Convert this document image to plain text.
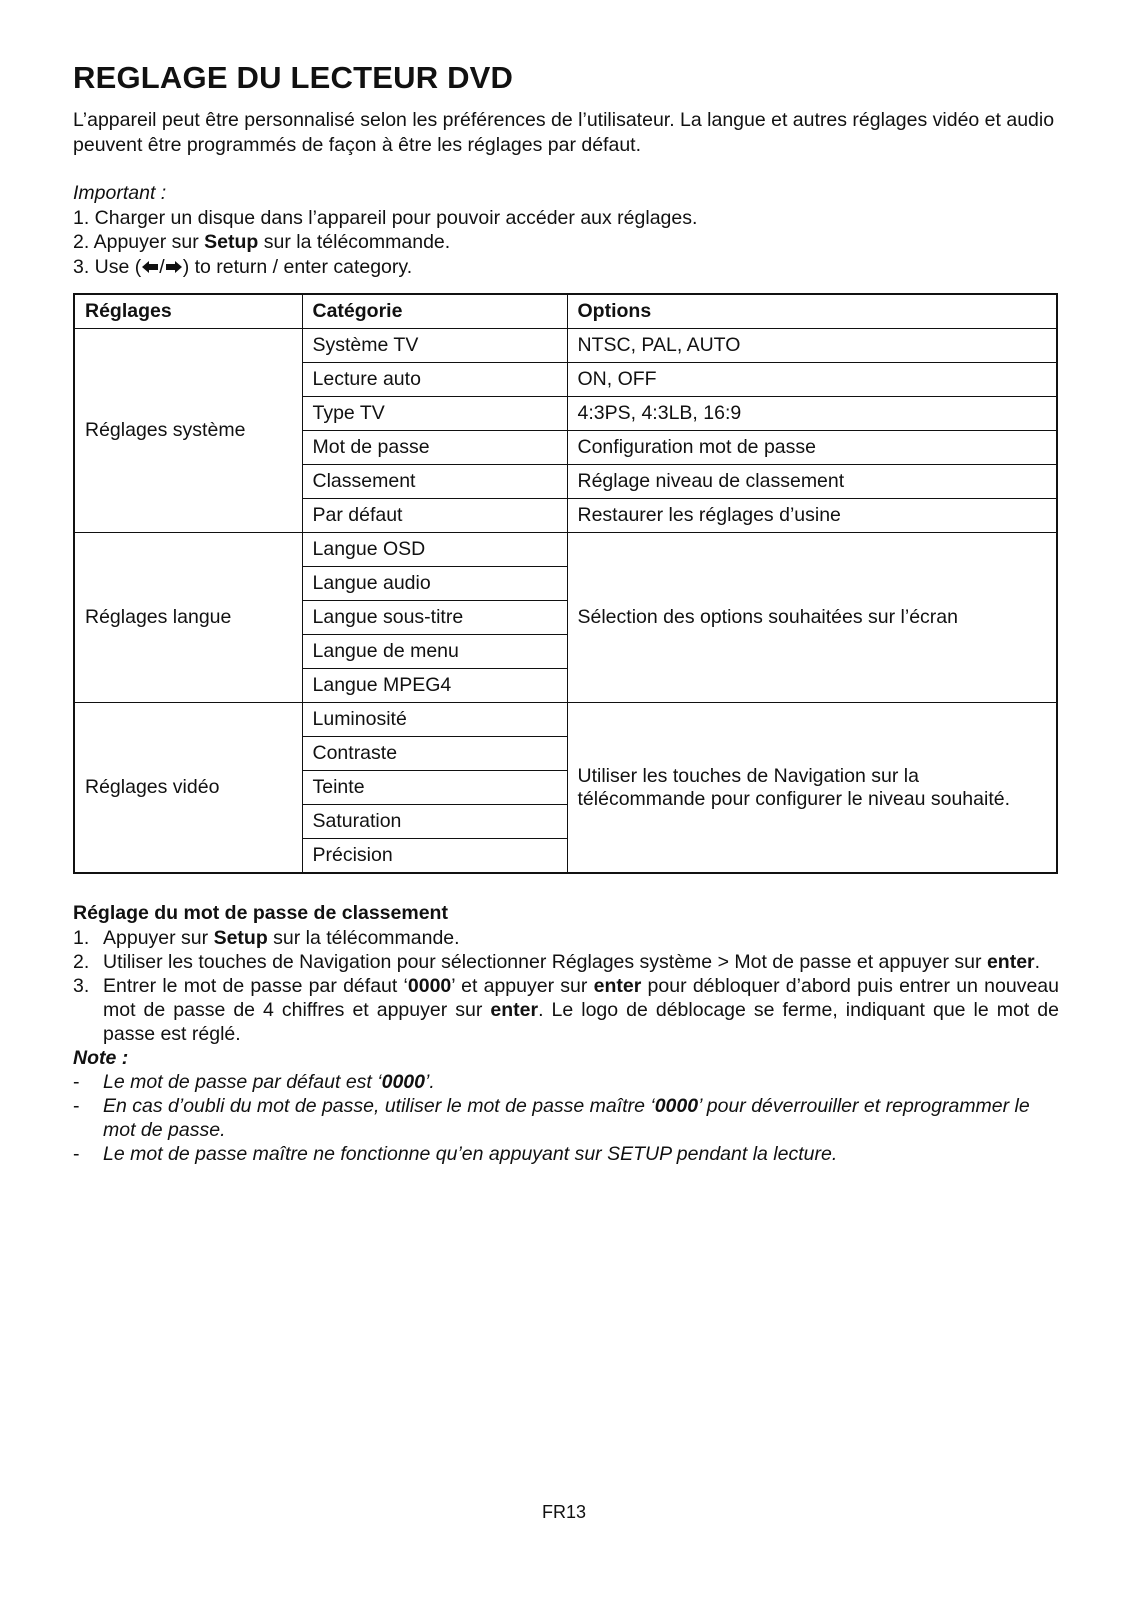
REGLAGE DU LECTEUR DVD

L’appareil peut être personnalisé selon les préférences de l’utilisateur. La langue et autres réglages vidéo et audio peuvent être programmés de façon à être les réglages par défaut.

Important :
1. Charger un disque dans l’appareil pour pouvoir accéder aux réglages.
2. Appuyer sur Setup sur la télécommande.
3. Use ( / ) to return / enter category.
Réglages	Catégorie	Options
Réglages système	Système TV	NTSC, PAL, AUTO
	Lecture auto	ON, OFF
	Type TV	4:3PS, 4:3LB, 16:9
	Mot de passe	Configuration mot de passe
	Classement	Réglage niveau de classement
	Par défaut	Restaurer les réglages d’usine
Réglages langue	Langue OSD	Sélection des options souhaitées sur l’écran
	Langue audio	
	Langue sous-titre	
	Langue de menu	
	Langue MPEG4	
Réglages vidéo	Luminosité	Utiliser les touches de Navigation sur la télécommande pour configurer le niveau souhaité.
	Contraste	
	Teinte	
	Saturation	
	Précision	
Réglage du mot de passe de classement
1. Appuyer sur Setup sur la télécommande.
2. Utiliser les touches de Navigation pour sélectionner Réglages système > Mot de passe et appuyer sur enter.
3. Entrer le mot de passe par défaut ‘0000’ et appuyer sur enter pour débloquer d’abord puis entrer un nouveau mot de passe de 4 chiffres et appuyer sur enter. Le logo de déblocage se ferme, indiquant que le mot de passe est réglé.
Note :
- Le mot de passe par défaut est ‘0000’.
- En cas d’oubli du mot de passe, utiliser le mot de passe maître ‘0000’ pour déverrouiller et reprogrammer le mot de passe.
- Le mot de passe maître ne fonctionne qu’en appuyant sur SETUP pendant la lecture.
FR13
